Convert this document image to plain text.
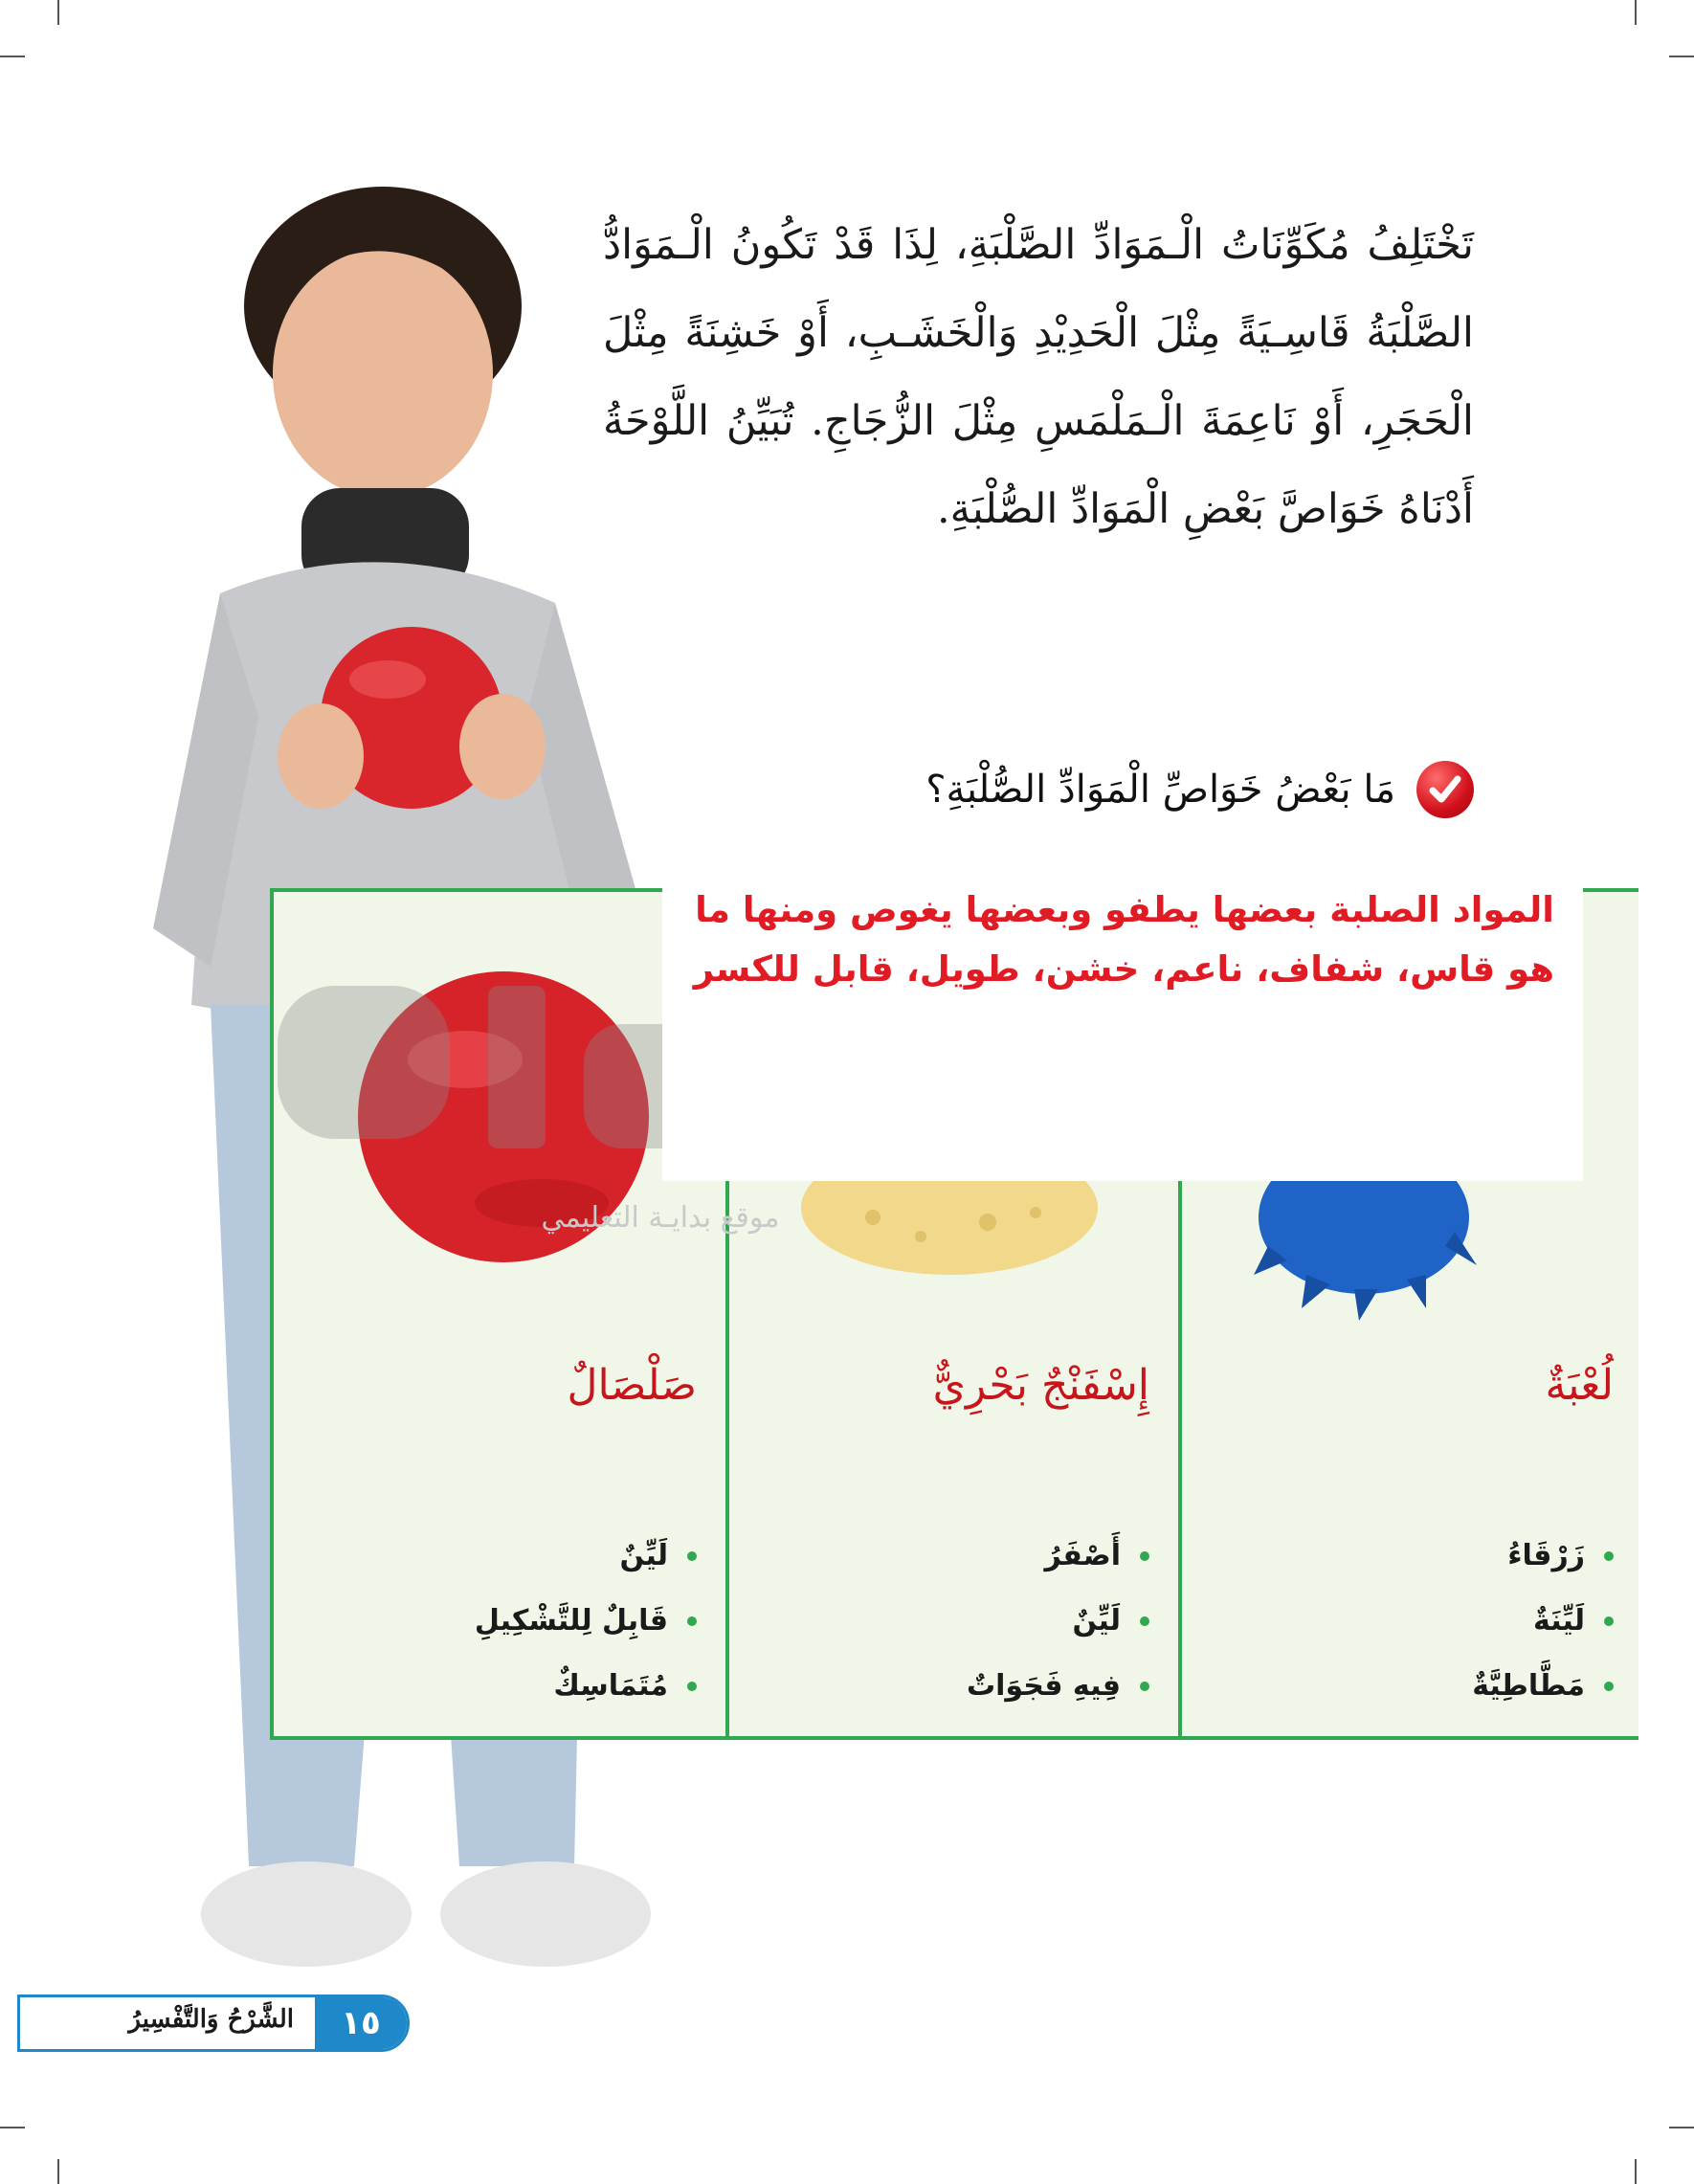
تَخْتَلِفُ مُكَوِّنَاتُ الْـمَوَادِّ الصَّلْبَةِ، لِذَا قَدْ تَكُونُ الْـمَوَادُّ الصَّلْبَةُ قَاسِـيَةً مِثْلَ الْحَدِيْدِ وَالْخَشَـبِ، أَوْ خَشِنَةً مِثْلَ الْحَجَرِ، أَوْ نَاعِمَةَ الْـمَلْمَسِ مِثْلَ الزُّجَاجِ. تُبَيِّنُ اللَّوْحَةُ أَدْنَاهُ خَوَاصَّ بَعْضِ الْمَوَادِّ الصُّلْبَةِ.
مَا بَعْضُ خَوَاصِّ الْمَوَادِّ الصُّلْبَةِ؟
لُعْبَةٌ
زَرْقَاءُ
لَيِّنَةٌ
مَطَّاطِيَّةٌ
إِسْفَنْجٌ بَحْرِيٌّ
أَصْفَرُ
لَيِّنٌ
فِيهِ فَجَوَاتٌ
صَلْصَالٌ
لَيِّنٌ
قَابِلٌ لِلتَّشْكِيلِ
مُتَمَاسِكٌ
موقع بدايـة التعليمي

المواد الصلبة بعضها يطفو وبعضها يغوص ومنها ما هو قاس، شفاف، ناعم، خشن، طويل، قابل للكسر

١٥
الشَّرْحُ وَالتَّفْسِيرُ
